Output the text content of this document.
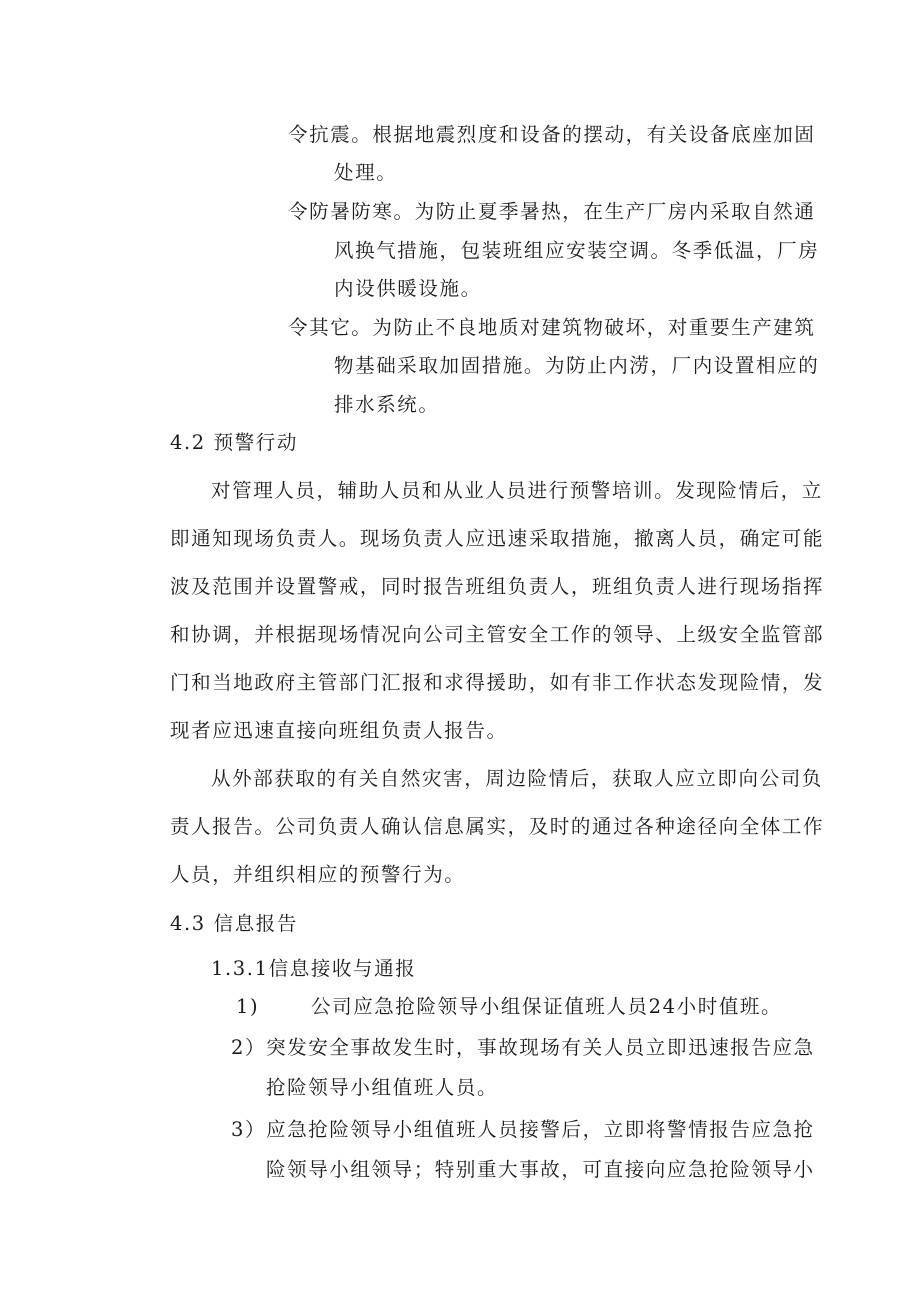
令抗震。根据地震烈度和设备的摆动，有关设备底座加固
处理。
令防暑防寒。为防止夏季暑热，在生产厂房内采取自然通
风换气措施，包装班组应安装空调。冬季低温，厂房
内设供暖设施。
令其它。为防止不良地质对建筑物破坏，对重要生产建筑
物基础采取加固措施。为防止内涝，厂内设置相应的
排水系统。
4.2 预警行动
对管理人员，辅助人员和从业人员进行预警培训。发现险情后，立
即通知现场负责人。现场负责人应迅速采取措施，撤离人员，确定可能
波及范围并设置警戒，同时报告班组负责人，班组负责人进行现场指挥
和协调，并根据现场情况向公司主管安全工作的领导、上级安全监管部
门和当地政府主管部门汇报和求得援助，如有非工作状态发现险情，发
现者应迅速直接向班组负责人报告。
从外部获取的有关自然灾害，周边险情后，获取人应立即向公司负
责人报告。公司负责人确认信息属实，及时的通过各种途径向全体工作
人员，并组织相应的预警行为。
4.3 信息报告
1.3.1信息接收与通报
1)	公司应急抢险领导小组保证值班人员24小时值班。
2）突发安全事故发生时，事故现场有关人员立即迅速报告应急
抢险领导小组值班人员。
3）应急抢险领导小组值班人员接警后，立即将警情报告应急抢
险领导小组领导；特别重大事故，可直接向应急抢险领导小
